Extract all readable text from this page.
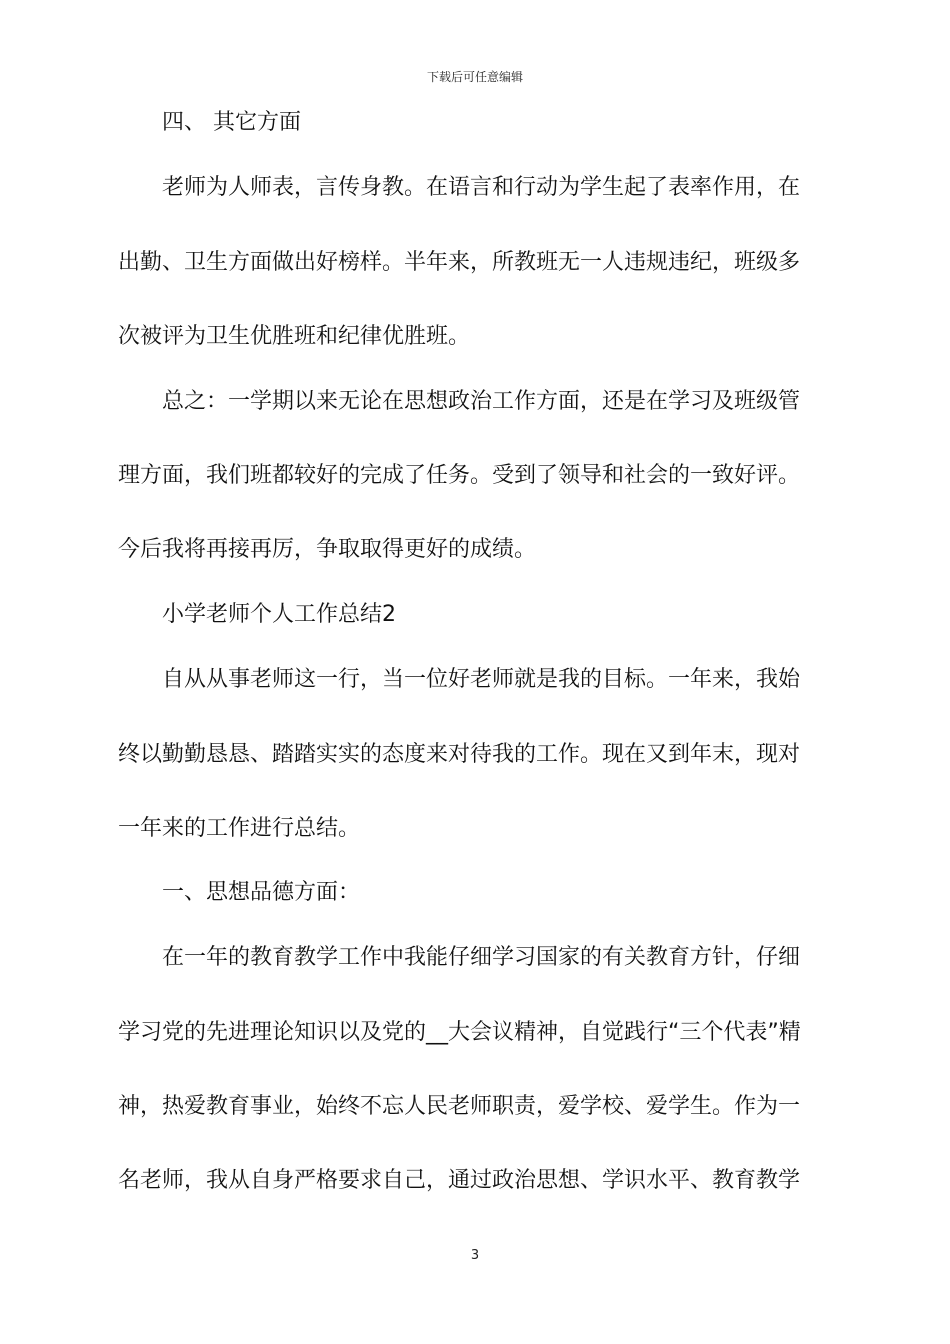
下载后可任意编辑
四、 其它方面
老师为人师表，言传身教。在语言和行动为学生起了表率作用，在
出勤、卫生方面做出好榜样。半年来，所教班无一人违规违纪，班级多
次被评为卫生优胜班和纪律优胜班。
总之：一学期以来无论在思想政治工作方面，还是在学习及班级管
理方面，我们班都较好的完成了任务。受到了领导和社会的一致好评。
今后我将再接再厉，争取取得更好的成绩。
小学老师个人工作总结2
自从从事老师这一行，当一位好老师就是我的目标。一年来，我始
终以勤勤恳恳、踏踏实实的态度来对待我的工作。现在又到年末，现对
一年来的工作进行总结。
一、思想品德方面：
在一年的教育教学工作中我能仔细学习国家的有关教育方针，仔细
学习党的先进理论知识以及党的__大会议精神，自觉践行“三个代表”精
神，热爱教育事业，始终不忘人民老师职责，爱学校、爱学生。作为一
名老师，我从自身严格要求自己，通过政治思想、学识水平、教育教学
3
